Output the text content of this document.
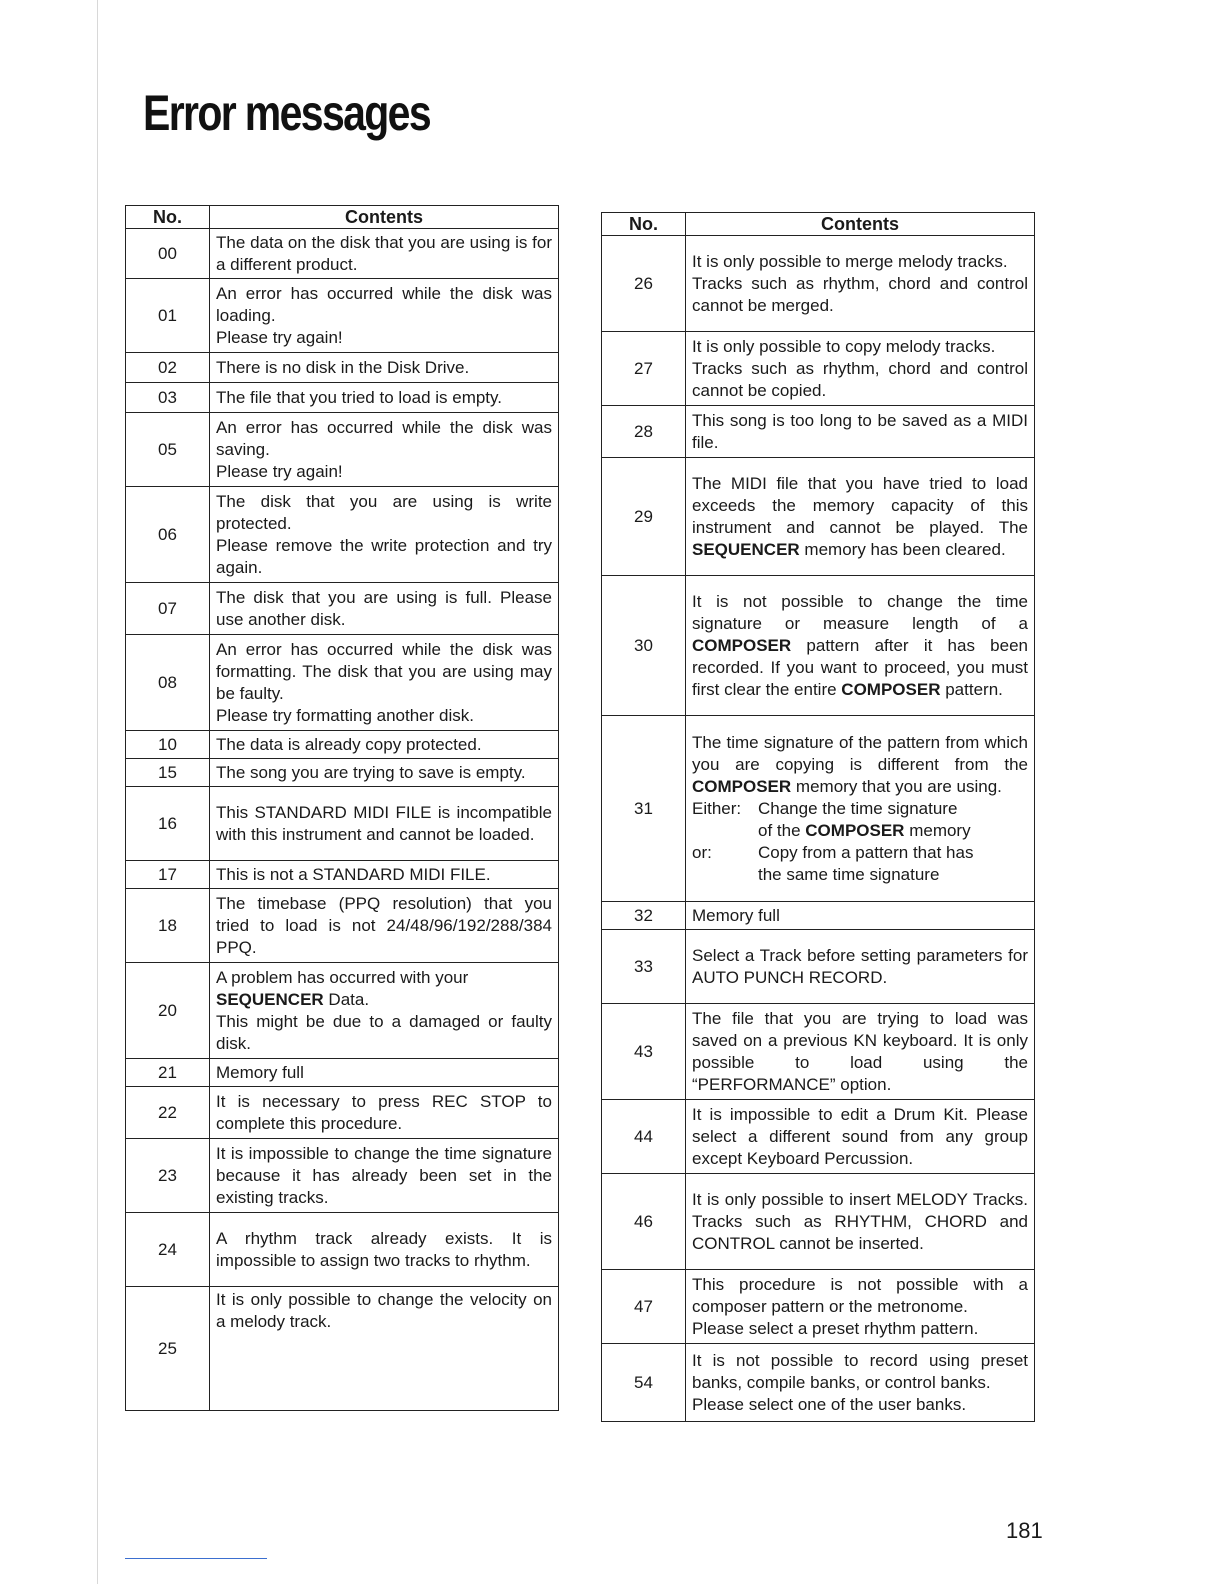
Error messages
No.	Contents
00	The data on the disk that you are using is for a different product.

01	An error has occurred while the disk was loading.
Please try again!

02	There is no disk in the Disk Drive.

03	The file that you tried to load is empty.

05	An error has occurred while the disk was saving.
Please try again!

06	The disk that you are using is write protected.
Please remove the write protection and try again.

07	The disk that you are using is full. Please use another disk.

08	An error has occurred while the disk was formatting. The disk that you are using may be faulty.
Please try formatting another disk.

10	The data is already copy protected.

15	The song you are trying to save is empty.

16	This STANDARD MIDI FILE is incompatible with this instrument and cannot be loaded.

17	This is not a STANDARD MIDI FILE.

18	The timebase (PPQ resolution) that you tried to load is not 24/48/96/192/288/384 PPQ.

20	A problem has occurred with your
SEQUENCER Data.
This might be due to a damaged or faulty disk.

21	Memory full

22	It is necessary to press REC STOP to complete this procedure.

23	It is impossible to change the time signature because it has already been set in the existing tracks.

24	A rhythm track already exists. It is impossible to assign two tracks to rhythm.

25	It is only possible to change the velocity on a melody track.
No.	Contents
26	It is only possible to merge melody tracks.
Tracks such as rhythm, chord and control cannot be merged.

27	It is only possible to copy melody tracks.
Tracks such as rhythm, chord and control cannot be copied.

28	This song is too long to be saved as a MIDI file.

29	The MIDI file that you have tried to load exceeds the memory capacity of this instrument and cannot be played. The SEQUENCER memory has been cleared.
30	It is not possible to change the time signature or measure length of a COMPOSER pattern after it has been recorded. If you want to proceed, you must first clear the entire COMPOSER pattern.
31	The time signature of the pattern from which you are copying is different from the COMPOSER memory that you are using.
Either: Change the time signature
of the COMPOSER memory
or: Copy from a pattern that has
the same time signature

32	Memory full

33	Select a Track before setting parameters for AUTO PUNCH RECORD.

43	The file that you are trying to load was saved on a previous KN keyboard. It is only possible to load using the “PERFORMANCE” option.

44	It is impossible to edit a Drum Kit. Please select a different sound from any group except Keyboard Percussion.

46	It is only possible to insert MELODY Tracks. Tracks such as RHYTHM, CHORD and CONTROL cannot be inserted.

47	This procedure is not possible with a composer pattern or the metronome.
Please select a preset rhythm pattern.

54	It is not possible to record using preset banks, compile banks, or control banks.
Please select one of the user banks.
181
